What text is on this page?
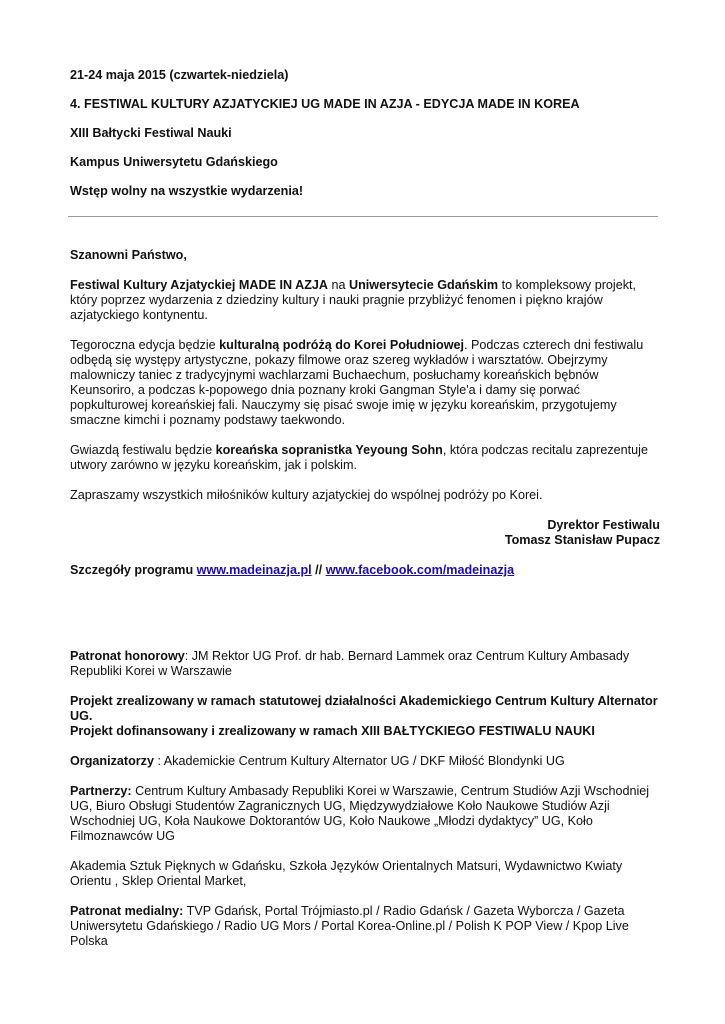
21-24 maja 2015 (czwartek-niedziela)

4. FESTIWAL KULTURY AZJATYCKIEJ UG MADE IN AZJA - EDYCJA MADE IN KOREA

XIII Bałtycki Festiwal Nauki

Kampus Uniwersytetu Gdańskiego

Wstęp wolny na wszystkie wydarzenia!

Szanowni Państwo,

Festiwal Kultury Azjatyckiej MADE IN AZJA na Uniwersytecie Gdańskim to kompleksowy projekt, który poprzez wydarzenia z dziedziny kultury i nauki pragnie przybliżyć fenomen i piękno krajów azjatyckiego kontynentu.

Tegoroczna edycja będzie kulturalną podróżą do Korei Południowej. Podczas czterech dni festiwalu odbędą się występy artystyczne, pokazy filmowe oraz szereg wykładów i warsztatów. Obejrzymy malowniczy taniec z tradycyjnymi wachlarzami Buchaechum, posłuchamy koreańskich bębnów Keunsoriro, a podczas k-popowego dnia poznany kroki Gangman Style'a i damy się porwać popkulturowej koreańskiej fali. Nauczymy się pisać swoje imię w języku koreańskim, przygotujemy smaczne kimchi i poznamy podstawy taekwondo.

Gwiazdą festiwalu będzie koreańska sopranistka Yeyoung Sohn, która podczas recitalu zaprezentuje utwory zarówno w języku koreańskim, jak i polskim.

Zapraszamy wszystkich miłośników kultury azjatyckiej do wspólnej podróży po Korei.

Dyrektor Festiwalu

Tomasz Stanisław Pupacz

Szczegóły programu www.madeinazja.pl // www.facebook.com/madeinazja

Patronat honorowy: JM Rektor UG Prof. dr hab. Bernard Lammek oraz Centrum Kultury Ambasady Republiki Korei w Warszawie

Projekt zrealizowany w ramach statutowej działalności Akademickiego Centrum Kultury Alternator UG.
Projekt dofinansowany i zrealizowany w ramach XIII BAŁTYCKIEGO FESTIWALU NAUKI

Organizatorzy : Akademickie Centrum Kultury Alternator UG / DKF Miłość Blondynki UG

Partnerzy: Centrum Kultury Ambasady Republiki Korei w Warszawie, Centrum Studiów Azji Wschodniej UG, Biuro Obsługi Studentów Zagranicznych UG, Międzywydziałowe Koło Naukowe Studiów Azji Wschodniej UG, Koła Naukowe Doktorantów UG, Koło Naukowe „Młodzi dydaktycy” UG, Koło Filmoznawców UG

Akademia Sztuk Pięknych w Gdańsku, Szkoła Języków Orientalnych Matsuri, Wydawnictwo Kwiaty Orientu , Sklep Oriental Market,

Patronat medialny: TVP Gdańsk, Portal Trójmiasto.pl / Radio Gdańsk / Gazeta Wyborcza / Gazeta Uniwersytetu Gdańskiego / Radio UG Mors / Portal Korea-Online.pl / Polish K POP View / Kpop Live Polska
